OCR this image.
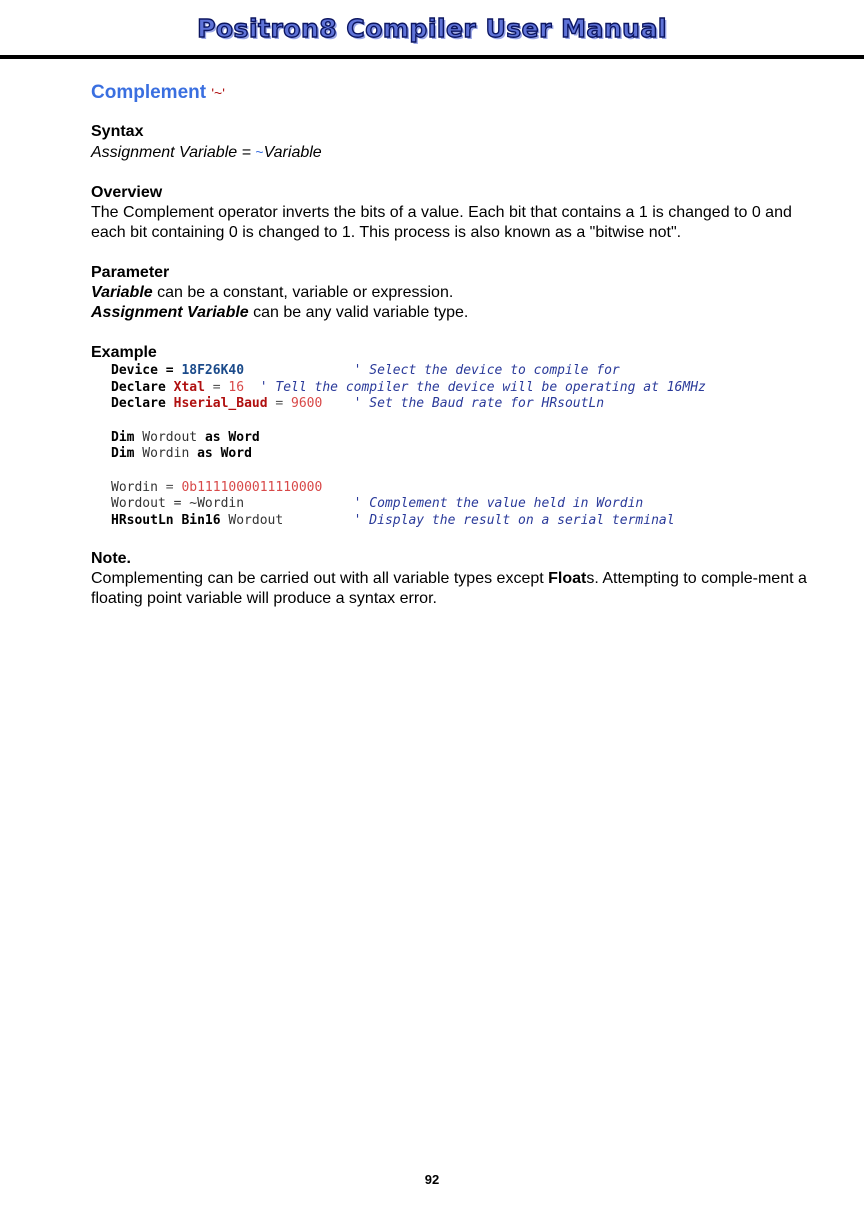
Positron8 Compiler User Manual
Complement '~'

Syntax

Assignment Variable = ~Variable

Overview

The Complement operator inverts the bits of a value. Each bit that contains a 1 is changed to 0 and each bit containing 0 is changed to 1. This process is also known as a "bitwise not".

Parameter

Variable can be a constant, variable or expression.

Assignment Variable can be any valid variable type.

Example

Device = 18F26K40	' Select the device to compile for
Declare Xtal = 16 ' Tell the compiler the device will be operating at 16MHz
Declare Hserial_Baud = 9600 ' Set the Baud rate for HRsoutLn
Dim Wordout as Word
Dim Wordin as Word
Wordin = 0b1111000011110000
Wordout = ~Wordin	' Complement the value held in Wordin
HRsoutLn Bin16 Wordout	' Display the result on a serial terminal

Note.

Complementing can be carried out with all variable types except Floats. Attempting to comple-ment a floating point variable will produce a syntax error.

92
